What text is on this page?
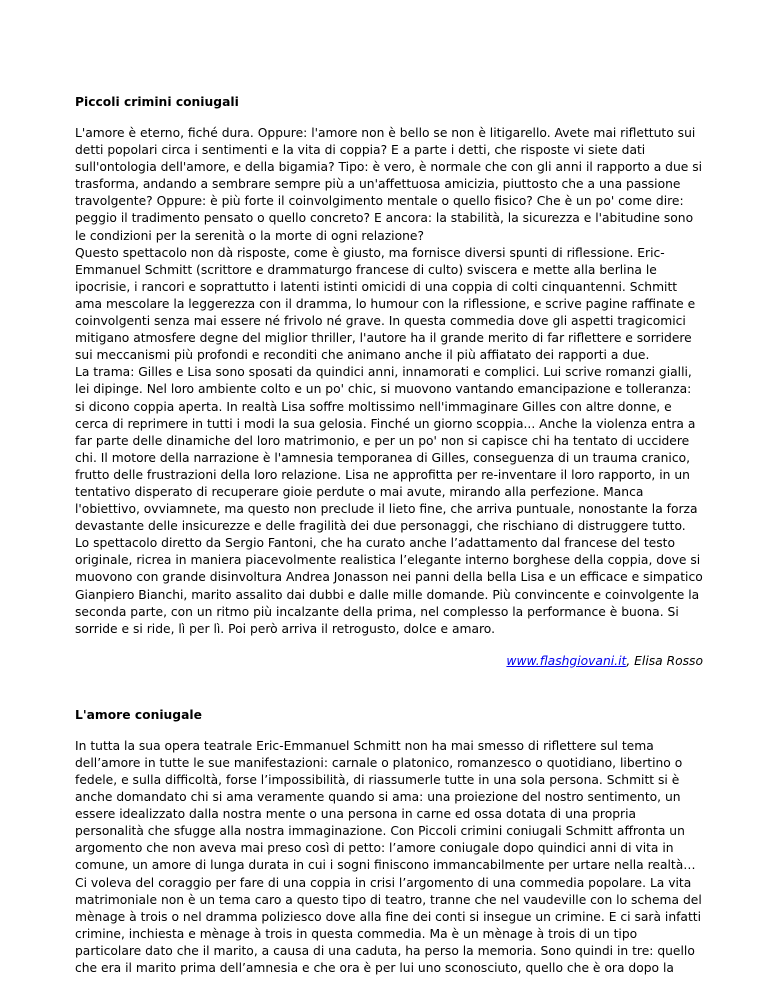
Piccoli crimini coniugali

L'amore è eterno, fiché dura. Oppure: l'amore non è bello se non è litigarello. Avete mai riflettuto sui detti popolari circa i sentimenti e la vita di coppia? E a parte i detti, che risposte vi siete dati sull'ontologia dell'amore, e della bigamia? Tipo: è vero, è normale che con gli anni il rapporto a due si trasforma, andando a sembrare sempre più a un'affettuosa amicizia, piuttosto che a una passione travolgente? Oppure: è più forte il coinvolgimento mentale o quello fisico? Che è un po' come dire: peggio il tradimento pensato o quello concreto? E ancora: la stabilità, la sicurezza e l'abitudine sono le condizioni per la serenità o la morte di ogni relazione?
Questo spettacolo non dà risposte, come è giusto, ma fornisce diversi spunti di riflessione. Eric-Emmanuel Schmitt (scrittore e drammaturgo francese di culto) sviscera e mette alla berlina le ipocrisie, i rancori e soprattutto i latenti istinti omicidi di una coppia di colti cinquantenni. Schmitt ama mescolare la leggerezza con il dramma, lo humour con la riflessione, e scrive pagine raffinate e coinvolgenti senza mai essere né frivolo né grave. In questa commedia dove gli aspetti tragicomici mitigano atmosfere degne del miglior thriller, l'autore ha il grande merito di far riflettere e sorridere sui meccanismi più profondi e reconditi che animano anche il più affiatato dei rapporti a due.
La trama: Gilles e Lisa sono sposati da quindici anni, innamorati e complici. Lui scrive romanzi gialli, lei dipinge. Nel loro ambiente colto e un po' chic, si muovono vantando emancipazione e tolleranza: si dicono coppia aperta. In realtà Lisa soffre moltissimo nell'immaginare Gilles con altre donne, e cerca di reprimere in tutti i modi la sua gelosia. Finché un giorno scoppia... Anche la violenza entra a far parte delle dinamiche del loro matrimonio, e per un po' non si capisce chi ha tentato di uccidere chi. Il motore della narrazione è l'amnesia temporanea di Gilles, conseguenza di un trauma cranico, frutto delle frustrazioni della loro relazione. Lisa ne approfitta per re-inventare il loro rapporto, in un tentativo disperato di recuperare gioie perdute o mai avute, mirando alla perfezione. Manca l'obiettivo, ovviamnete, ma questo non preclude il lieto fine, che arriva puntuale, nonostante la forza devastante delle insicurezze e delle fragilità dei due personaggi, che rischiano di distruggere tutto.
Lo spettacolo diretto da Sergio Fantoni, che ha curato anche l’adattamento dal francese del testo originale, ricrea in maniera piacevolmente realistica l’elegante interno borghese della coppia, dove si muovono con grande disinvoltura Andrea Jonasson nei panni della bella Lisa e un efficace e simpatico Gianpiero Bianchi, marito assalito dai dubbi e dalle mille domande. Più convincente e coinvolgente la seconda parte, con un ritmo più incalzante della prima, nel complesso la performance è buona. Si sorride e si ride, lì per lì. Poi però arriva il retrogusto, dolce e amaro.

www.flashgiovani.it, Elisa Rosso
L'amore coniugale

In tutta la sua opera teatrale Eric-Emmanuel Schmitt non ha mai smesso di riflettere sul tema dell’amore in tutte le sue manifestazioni: carnale o platonico, romanzesco o quotidiano, libertino o fedele, e sulla difficoltà, forse l’impossibilità, di riassumerle tutte in una sola persona. Schmitt si è anche domandato chi si ama veramente quando si ama: una proiezione del nostro sentimento, un essere idealizzato dalla nostra mente o una persona in carne ed ossa dotata di una propria personalità che sfugge alla nostra immaginazione. Con Piccoli crimini coniugali Schmitt affronta un argomento che non aveva mai preso così di petto: l’amore coniugale dopo quindici anni di vita in comune, un amore di lunga durata in cui i sogni finiscono immancabilmente per urtare nella realtà… Ci voleva del coraggio per fare di una coppia in crisi l’argomento di una commedia popolare. La vita matrimoniale non è un tema caro a questo tipo di teatro, tranne che nel vaudeville con lo schema del mènage à trois o nel dramma poliziesco dove alla fine dei conti si insegue un crimine. E ci sarà infatti crimine, inchiesta e mènage à trois in questa commedia. Ma è un mènage à trois di un tipo particolare dato che il marito, a causa di una caduta, ha perso la memoria. Sono quindi in tre: quello che era il marito prima dell’amnesia e che ora è per lui uno sconosciuto, quello che è ora dopo la
